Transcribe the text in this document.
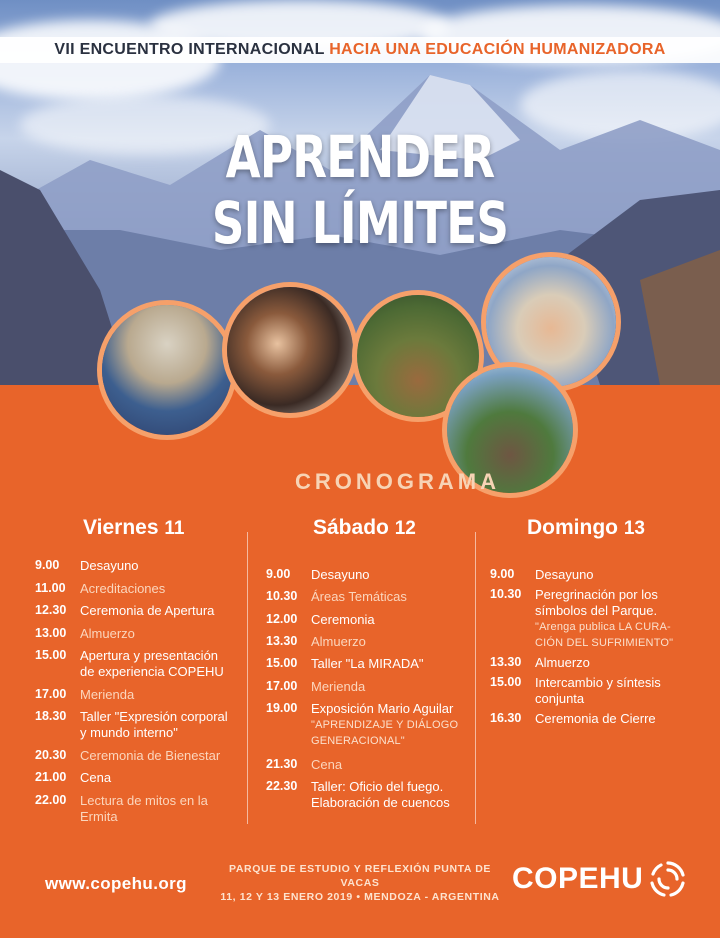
VII ENCUENTRO INTERNACIONAL HACIA UNA EDUCACIÓN HUMANIZADORA
APRENDER
SIN LÍMITES
CRONOGRAMA
Viernes 11
9.00	Desayuno
11.00	Acreditaciones
12.30	Ceremonia de Apertura
13.00	Almuerzo
15.00	Apertura y presentación
de experiencia COPEHU
17.00	Merienda
18.30	Taller "Expresión corporal
y mundo interno"
20.30	Ceremonia de Bienestar
21.00	Cena
22.00	Lectura de mitos en la
Ermita
Sábado 12
9.00	Desayuno
10.30	Áreas Temáticas
12.00	Ceremonia
13.30	Almuerzo
15.00	Taller "La MIRADA"
17.00	Merienda
19.00	Exposición Mario Aguilar
"APRENDIZAJE Y DIÁLOGO
GENERACIONAL"
21.30	Cena
22.30	Taller: Oficio del fuego.
Elaboración de cuencos
Domingo 13
9.00	Desayuno
10.30	Peregrinación por los
símbolos del Parque.
"Arenga publica LA CURA-
CIÓN DEL SUFRIMIENTO"
13.30	Almuerzo
15.00	Intercambio y síntesis
conjunta
16.30	Ceremonia de Cierre
www.copehu.org
PARQUE DE ESTUDIO Y REFLEXIÓN PUNTA DE VACAS
11, 12 Y 13 ENERO 2019 • MENDOZA - ARGENTINA
COPEHU
